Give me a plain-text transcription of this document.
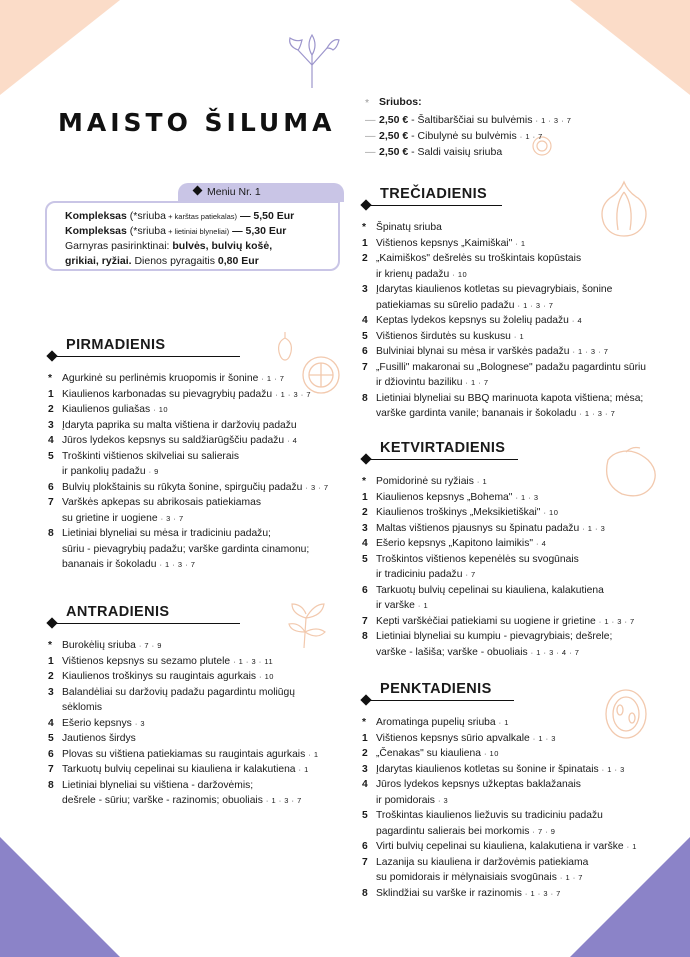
MAISTO ŠILUMA
* Sriubos:
— 2,50 € - Šaltibarščiai su bulvėmis · 1 · 3 · 7
— 2,50 € - Cibulynė su bulvėmis · 1 · 7
— 2,50 € - Saldi vaisių sriuba
Meniu Nr. 1
Kompleksas (*sriuba + karštas patiekalas) — 5,50 Eur
Kompleksas (*sriuba + lietiniai blyneliai) — 5,30 Eur
Garnyras pasirinktinai: bulvės, bulvių košė,
grikiai, ryžiai. Dienos pyragaitis 0,80 Eur
PIRMADIENIS
* Agurkinė su perlinėmis kruopomis ir šonine · 1 · 7
1 Kiaulienos karbonadas su pievagrybių padažu · 1 · 3 · 7
2 Kiaulienos guliašas · 10
3 Įdaryta paprika su malta vištiena ir daržovių padažu
4 Jūros lydekos kepsnys su saldžiarūgščiu padažu · 4
5 Troškinti vištienos skilveliai su salierais
ir pankolių padažu · 9
6 Bulvių plokštainis su rūkyta šonine, spirgučių padažu · 3 · 7
7 Varškės apkepas su abrikosais patiekiamas
su grietine ir uogiene · 3 · 7
8 Lietiniai blyneliai su mėsa ir tradiciniu padažu;
sūriu - pievagrybių padažu; varške gardinta cinamonu;
bananais ir šokoladu · 1 · 3 · 7
ANTRADIENIS
* Burokėlių sriuba · 7 · 9
1 Vištienos kepsnys su sezamo plutele · 1 · 3 · 11
2 Kiaulienos troškinys su raugintais agurkais · 10
3 Balandėliai su daržovių padažu pagardintu moliūgų
sėklomis
4 Ešerio kepsnys · 3
5 Jautienos širdys
6 Plovas su vištiena patiekiamas su raugintais agurkais · 1
7 Tarkuotų bulvių cepelinai su kiauliena ir kalakutiena · 1
8 Lietiniai blyneliai su vištiena - daržovėmis;
dešrele - sūriu; varške - razinomis; obuoliais · 1 · 3 · 7
TREČIADIENIS
* Špinatų sriuba
1 Vištienos kepsnys „Kaimiškai" · 1
2 „Kaimiškos" dešrelės su troškintais kopūstais
ir krienų padažu · 10
3 Įdarytas kiaulienos kotletas su pievagrybiais, šonine
patiekiamas su sūrelio padažu · 1 · 3 · 7
4 Keptas lydekos kepsnys su žolelių padažu · 4
5 Vištienos širdutės su kuskusu · 1
6 Bulviniai blynai su mėsa ir varškės padažu · 1 · 3 · 7
7 „Fusilli" makaronai su „Bolognese" padažu pagardintu sūriu
ir džiovintu baziliku · 1 · 7
8 Lietiniai blyneliai su BBQ marinuota kapota vištiena; mėsa;
varške gardinta vanile; bananais ir šokoladu · 1 · 3 · 7
KETVIRTADIENIS
* Pomidorinė su ryžiais · 1
1 Kiaulienos kepsnys „Bohema" · 1 · 3
2 Kiaulienos troškinys „Meksikietiškai" · 10
3 Maltas vištienos pjausnys su špinatu padažu · 1 · 3
4 Ešerio kepsnys „Kapitono laimikis" · 4
5 Troškintos vištienos kepenėlės su svogūnais
ir tradiciniu padažu · 7
6 Tarkuotų bulvių cepelinai su kiauliena, kalakutiena
ir varške · 1
7 Kepti varškėčiai patiekiami su uogiene ir grietine · 1 · 3 · 7
8 Lietiniai blyneliai su kumpiu - pievagrybiais; dešrele;
varške - lašiša; varške - obuoliais · 1 · 3 · 4 · 7
PENKTADIENIS
* Aromatinga pupelių sriuba · 1
1 Vištienos kepsnys sūrio apvalkale · 1 · 3
2 „Čenakas" su kiauliena · 10
3 Įdarytas kiaulienos kotletas su šonine ir špinatais · 1 · 3
4 Jūros lydekos kepsnys užkeptas baklažanais
ir pomidorais · 3
5 Troškintas kiaulienos liežuvis su tradiciniu padažu
pagardintu salierais bei morkomis · 7 · 9
6 Virti bulvių cepelinai su kiauliena, kalakutiena ir varške · 1
7 Lazanija su kiauliena ir daržovėmis patiekiama
su pomidorais ir mėlynaisiais svogūnais · 1 · 7
8 Sklindžiai su varške ir razinomis · 1 · 3 · 7
